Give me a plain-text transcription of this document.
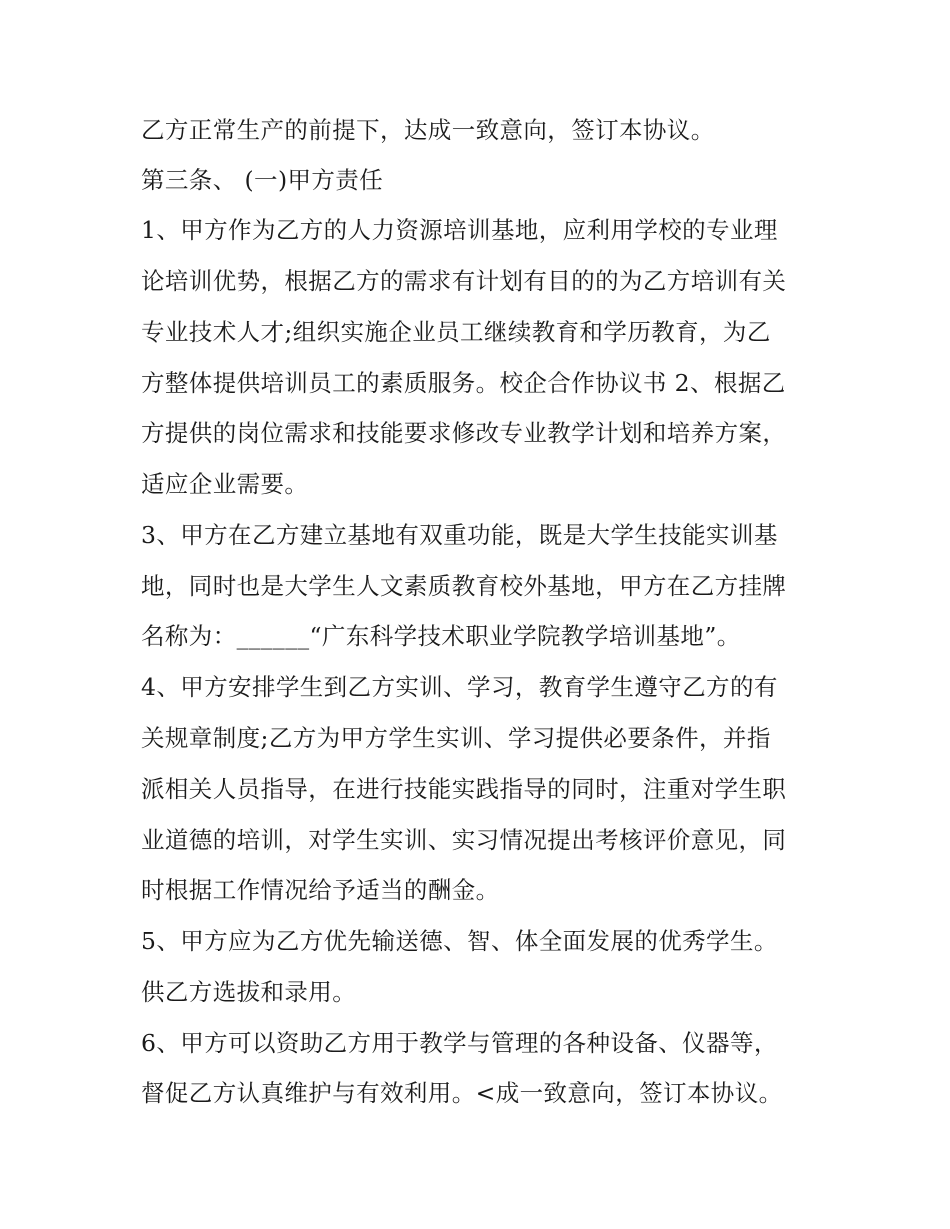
乙方正常生产的前提下，达成一致意向，签订本协议。
第三条、 (一)甲方责任
1、甲方作为乙方的人力资源培训基地，应利用学校的专业理
论培训优势，根据乙方的需求有计划有目的的为乙方培训有关
专业技术人才;组织实施企业员工继续教育和学历教育，为乙
方整体提供培训员工的素质服务。校企合作协议书 2、根据乙
方提供的岗位需求和技能要求修改专业教学计划和培养方案，
适应企业需要。
3、甲方在乙方建立基地有双重功能，既是大学生技能实训基
地，同时也是大学生人文素质教育校外基地，甲方在乙方挂牌
名称为：______“广东科学技术职业学院教学培训基地”。
4、甲方安排学生到乙方实训、学习，教育学生遵守乙方的有
关规章制度;乙方为甲方学生实训、学习提供必要条件，并指
派相关人员指导，在进行技能实践指导的同时，注重对学生职
业道德的培训，对学生实训、实习情况提出考核评价意见，同
时根据工作情况给予适当的酬金。
5、甲方应为乙方优先输送德、智、体全面发展的优秀学生。
供乙方选拔和录用。
6、甲方可以资助乙方用于教学与管理的各种设备、仪器等，
督促乙方认真维护与有效利用。<成一致意向，签订本协议。
